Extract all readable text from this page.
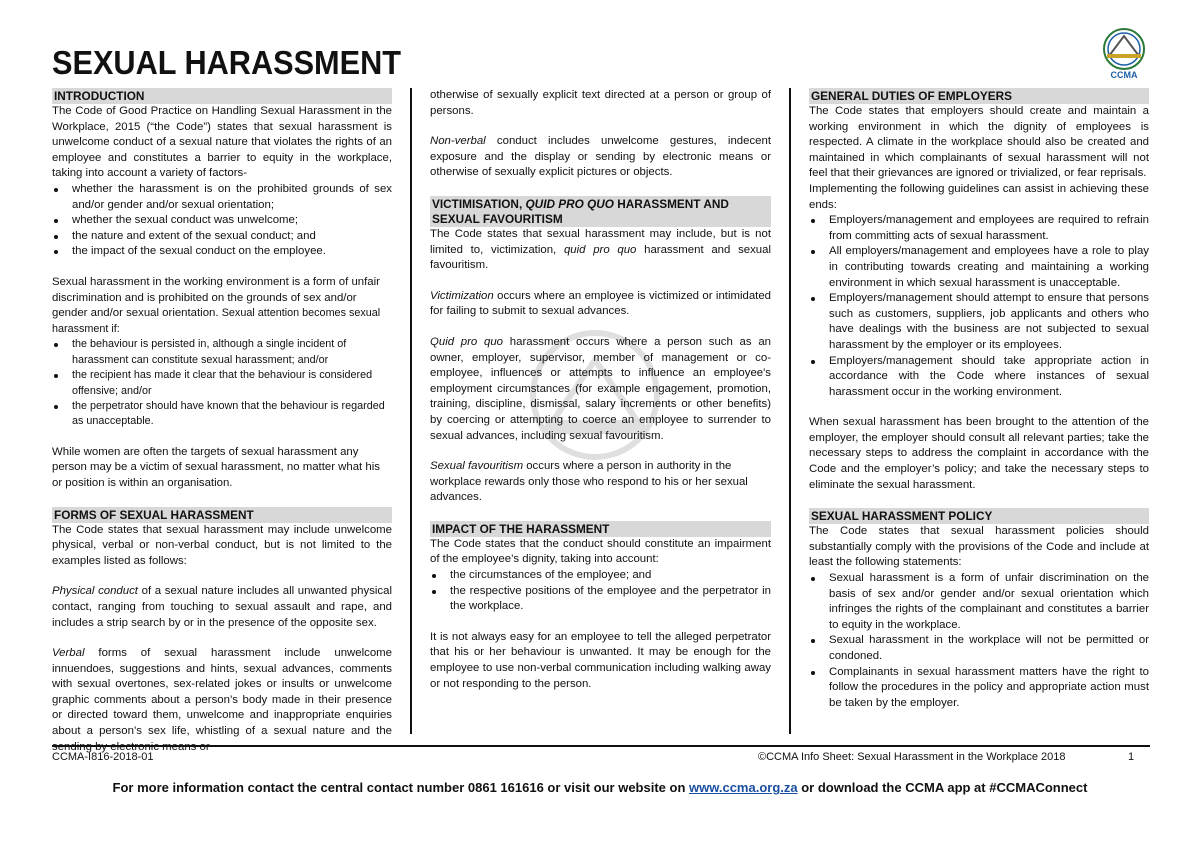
SEXUAL HARASSMENT	CCMA
INTRODUCTION

The Code of Good Practice on Handling Sexual Harassment in the Workplace, 2015 (“the Code”) states that sexual harassment is unwelcome conduct of a sexual nature that violates the rights of an employee and constitutes a barrier to equity in the workplace, taking into account a variety of factors-

whether the harassment is on the prohibited grounds of sex and/or gender and/or sexual orientation;
whether the sexual conduct was unwelcome;
the nature and extent of the sexual conduct; and
the impact of the sexual conduct on the employee.

Sexual harassment in the working environment is a form of unfair discrimination and is prohibited on the grounds of sex and/or gender and/or sexual orientation. Sexual attention becomes sexual harassment if:

the behaviour is persisted in, although a single incident of harassment can constitute sexual harassment; and/or
the recipient has made it clear that the behaviour is considered offensive; and/or
the perpetrator should have known that the behaviour is regarded as unacceptable.

While women are often the targets of sexual harassment any person may be a victim of sexual harassment, no matter what his or position is within an organisation.

FORMS OF SEXUAL HARASSMENT

The Code states that sexual harassment may include unwelcome physical, verbal or non-verbal conduct, but is not limited to the examples listed as follows:

Physical conduct of a sexual nature includes all unwanted physical contact, ranging from touching to sexual assault and rape, and includes a strip search by or in the presence of the opposite sex.

Verbal forms of sexual harassment include unwelcome innuendoes, suggestions and hints, sexual advances, comments with sexual overtones, sex-related jokes or insults or unwelcome graphic comments about a person’s body made in their presence or directed toward them, unwelcome and inappropriate enquiries about a person’s sex life, whistling of a sexual nature and the sending by electronic means or

otherwise of sexually explicit text directed at a person or group of persons.

Non-verbal conduct includes unwelcome gestures, indecent exposure and the display or sending by electronic means or otherwise of sexually explicit pictures or objects.

VICTIMISATION, QUID PRO QUO HARASSMENT AND SEXUAL FAVOURITISM

The Code states that sexual harassment may include, but is not limited to, victimization, quid pro quo harassment and sexual favouritism.

Victimization occurs where an employee is victimized or intimidated for failing to submit to sexual advances.

Quid pro quo harassment occurs where a person such as an owner, employer, supervisor, member of management or co-employee, influences or attempts to influence an employee's employment circumstances (for example engagement, promotion, training, discipline, dismissal, salary increments or other benefits) by coercing or attempting to coerce an employee to surrender to sexual advances, including sexual favouritism.

Sexual favouritism occurs where a person in authority in the workplace rewards only those who respond to his or her sexual advances.

IMPACT OF THE HARASSMENT

The Code states that the conduct should constitute an impairment of the employee’s dignity, taking into account:

the circumstances of the employee; and
the respective positions of the employee and the perpetrator in the workplace.

It is not always easy for an employee to tell the alleged perpetrator that his or her behaviour is unwanted. It may be enough for the employee to use non-verbal communication including walking away or not responding to the person.

GENERAL DUTIES OF EMPLOYERS

The Code states that employers should create and maintain a working environment in which the dignity of employees is respected. A climate in the workplace should also be created and maintained in which complainants of sexual harassment will not feel that their grievances are ignored or trivialized, or fear reprisals.

Implementing the following guidelines can assist in achieving these ends:

Employers/management and employees are required to refrain from committing acts of sexual harassment.
All employers/management and employees have a role to play in contributing towards creating and maintaining a working environment in which sexual harassment is unacceptable.
Employers/management should attempt to ensure that persons such as customers, suppliers, job applicants and others who have dealings with the business are not subjected to sexual harassment by the employer or its employees.
Employers/management should take appropriate action in accordance with the Code where instances of sexual harassment occur in the working environment.

When sexual harassment has been brought to the attention of the employer, the employer should consult all relevant parties; take the necessary steps to address the complaint in accordance with the Code and the employer’s policy; and take the necessary steps to eliminate the sexual harassment.

SEXUAL HARASSMENT POLICY

The Code states that sexual harassment policies should substantially comply with the provisions of the Code and include at least the following statements:

Sexual harassment is a form of unfair discrimination on the basis of sex and/or gender and/or sexual orientation which infringes the rights of the complainant and constitutes a barrier to equity in the workplace.
Sexual harassment in the workplace will not be permitted or condoned.
Complainants in sexual harassment matters have the right to follow the procedures in the policy and appropriate action must be taken by the employer.
CCMA-I816-2018-01	©CCMA Info Sheet: Sexual Harassment in the Workplace 2018	1
For more information contact the central contact number 0861 161616 or visit our website on www.ccma.org.za or download the CCMA app at #CCMAConnect
